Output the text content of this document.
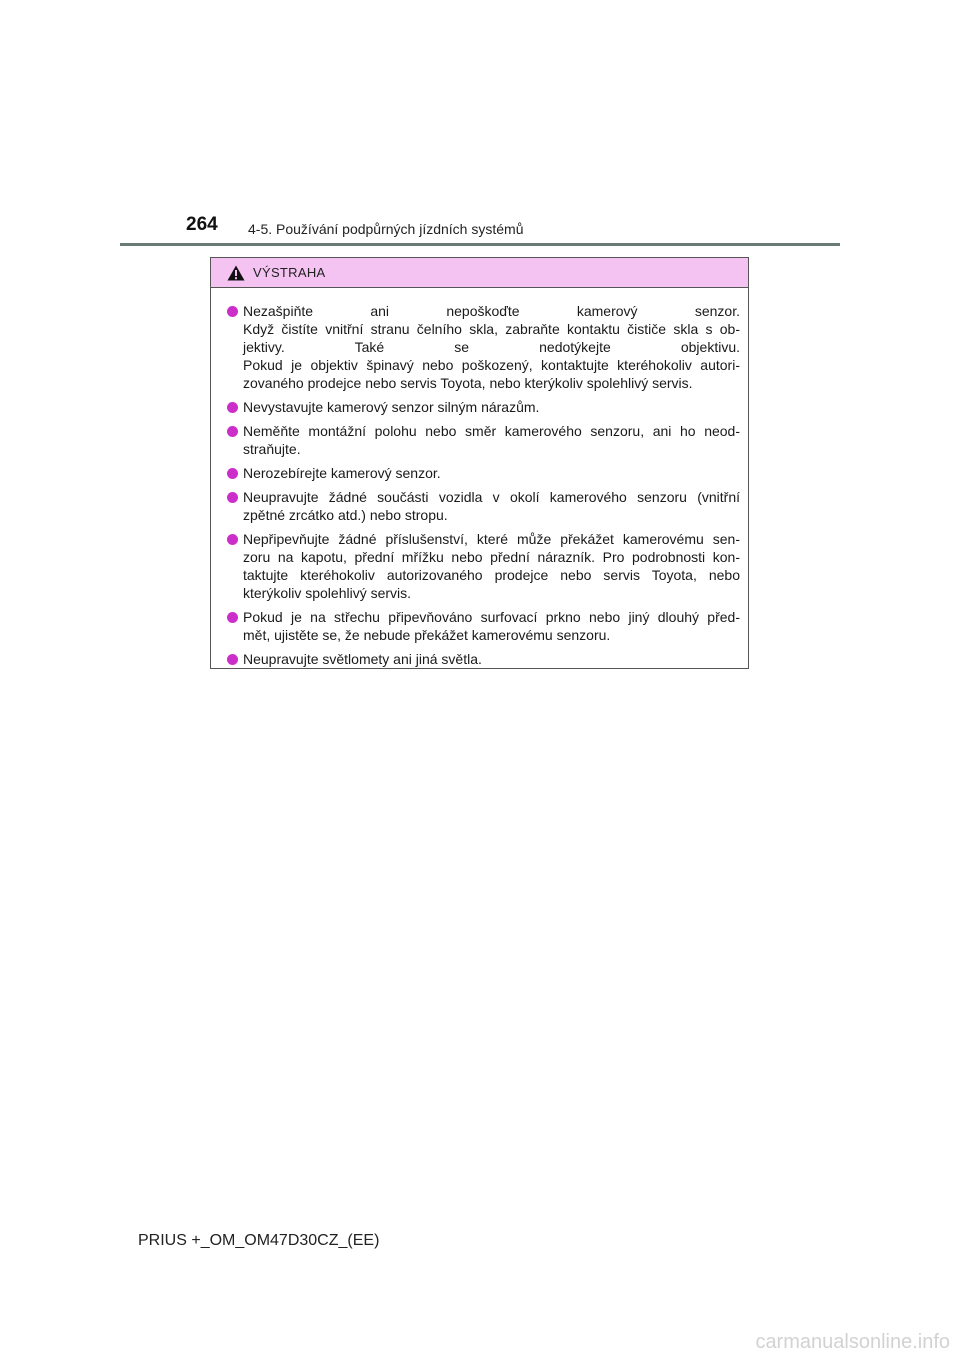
264 4-5. Používání podpůrných jízdních systémů
VÝSTRAHA
Nezašpiňte ani nepoškoďte kamerový senzor.
Když čistíte vnitřní stranu čelního skla, zabraňte kontaktu čističe skla s ob-
jektivy. Také se nedotýkejte objektivu.
Pokud je objektiv špinavý nebo poškozený, kontaktujte kteréhokoliv autori-
zovaného prodejce nebo servis Toyota, nebo kterýkoliv spolehlivý servis.
Nevystavujte kamerový senzor silným nárazům.
Neměňte montážní polohu nebo směr kamerového senzoru, ani ho neod-
straňujte.
Nerozebírejte kamerový senzor.
Neupravujte žádné součásti vozidla v okolí kamerového senzoru (vnitřní
zpětné zrcátko atd.) nebo stropu.
Nepřipevňujte žádné příslušenství, které může překážet kamerovému sen-
zoru na kapotu, přední mřížku nebo přední nárazník. Pro podrobnosti kon-
taktujte kteréhokoliv autorizovaného prodejce nebo servis Toyota, nebo
kterýkoliv spolehlivý servis.
Pokud je na střechu připevňováno surfovací prkno nebo jiný dlouhý před-
mět, ujistěte se, že nebude překážet kamerovému senzoru.
Neupravujte světlomety ani jiná světla.
PRIUS +_OM_OM47D30CZ_(EE)
carmanualsonline.info
